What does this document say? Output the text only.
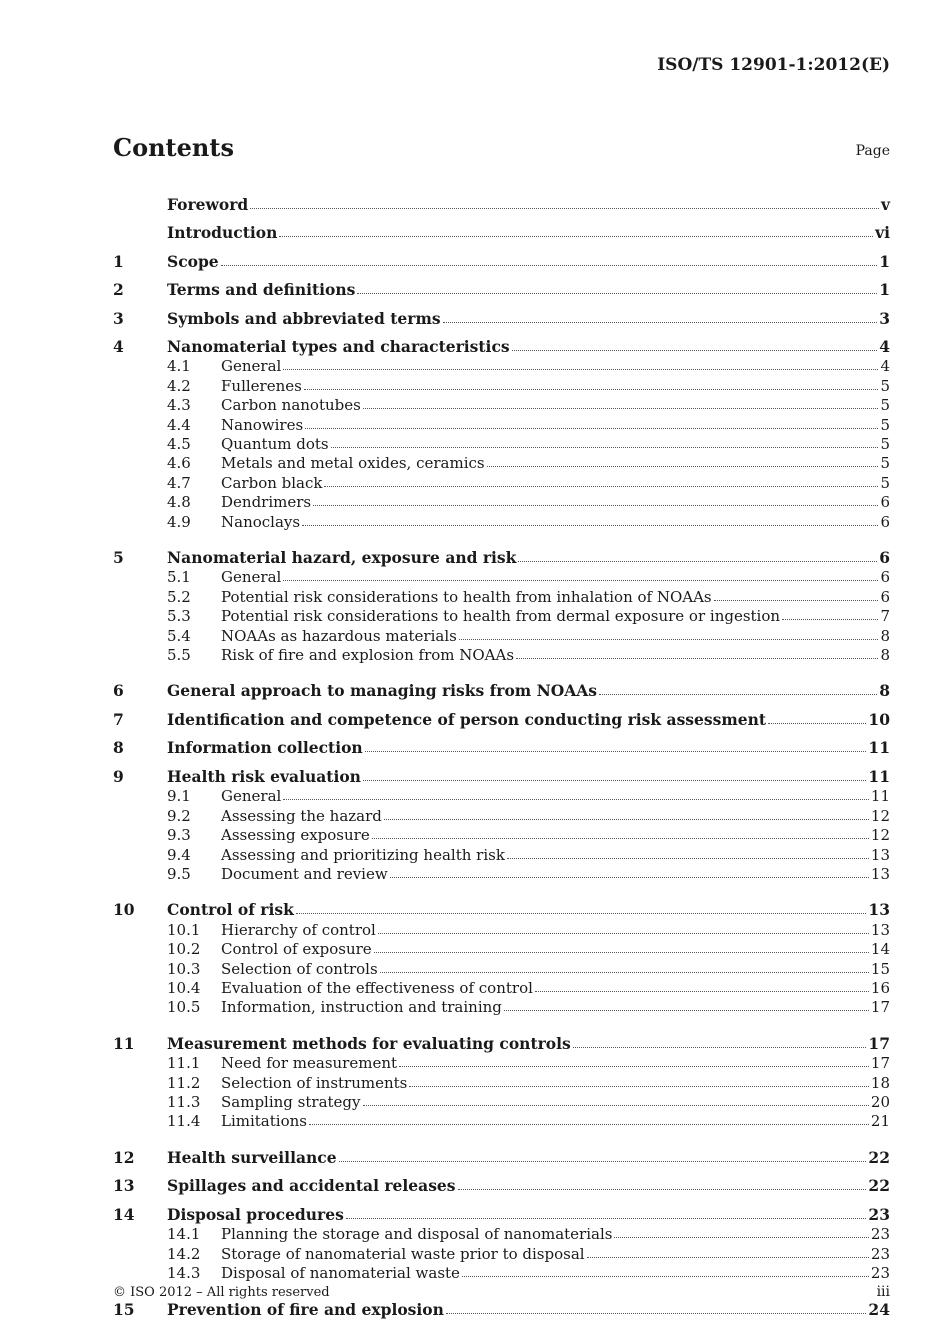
ISO/TS 12901-1:2012(E)
Contents	Page
Foreword	v
Introduction	vi
1	Scope	1
2	Terms and definitions	1
3	Symbols and abbreviated terms	3
4	Nanomaterial types and characteristics	4
4.1	General	4
4.2	Fullerenes	5
4.3	Carbon nanotubes	5
4.4	Nanowires	5
4.5	Quantum dots	5
4.6	Metals and metal oxides, ceramics	5
4.7	Carbon black	5
4.8	Dendrimers	6
4.9	Nanoclays	6
5	Nanomaterial hazard, exposure and risk	6
5.1	General	6
5.2	Potential risk considerations to health from inhalation of NOAAs	6
5.3	Potential risk considerations to health from dermal exposure or ingestion	7
5.4	NOAAs as hazardous materials	8
5.5	Risk of fire and explosion from NOAAs	8
6	General approach to managing risks from NOAAs	8
7	Identification and competence of person conducting risk assessment	10
8	Information collection	11
9	Health risk evaluation	11
9.1	General	11
9.2	Assessing the hazard	12
9.3	Assessing exposure	12
9.4	Assessing and prioritizing health risk	13
9.5	Document and review	13
10	Control of risk	13
10.1	Hierarchy of control	13
10.2	Control of exposure	14
10.3	Selection of controls	15
10.4	Evaluation of the effectiveness of control	16
10.5	Information, instruction and training	17
11	Measurement methods for evaluating controls	17
11.1	Need for measurement	17
11.2	Selection of instruments	18
11.3	Sampling strategy	20
11.4	Limitations	21
12	Health surveillance	22
13	Spillages and accidental releases	22
14	Disposal procedures	23
14.1	Planning the storage and disposal of nanomaterials	23
14.2	Storage of nanomaterial waste prior to disposal	23
14.3	Disposal of nanomaterial waste	23
15	Prevention of fire and explosion	24
© ISO 2012 – All rights reserved	iii
